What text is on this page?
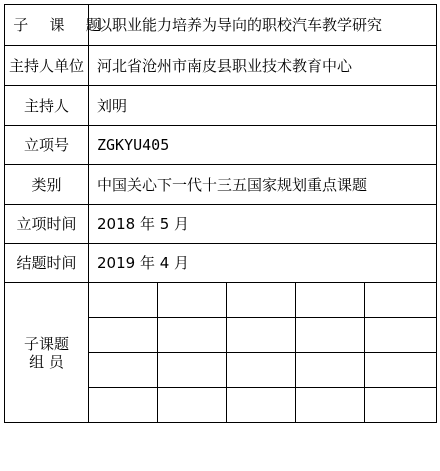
子 课 题	以职业能力培养为导向的职校汽车教学研究				
主持人单位	河北省沧州市南皮县职业技术教育中心				
主持人	刘明				
立项号	ZGKYU405				
类别	中国关心下一代十三五国家规划重点课题				
立项时间	2018 年 5 月				
结题时间	2019 年 4 月				

子课题
组 员					
